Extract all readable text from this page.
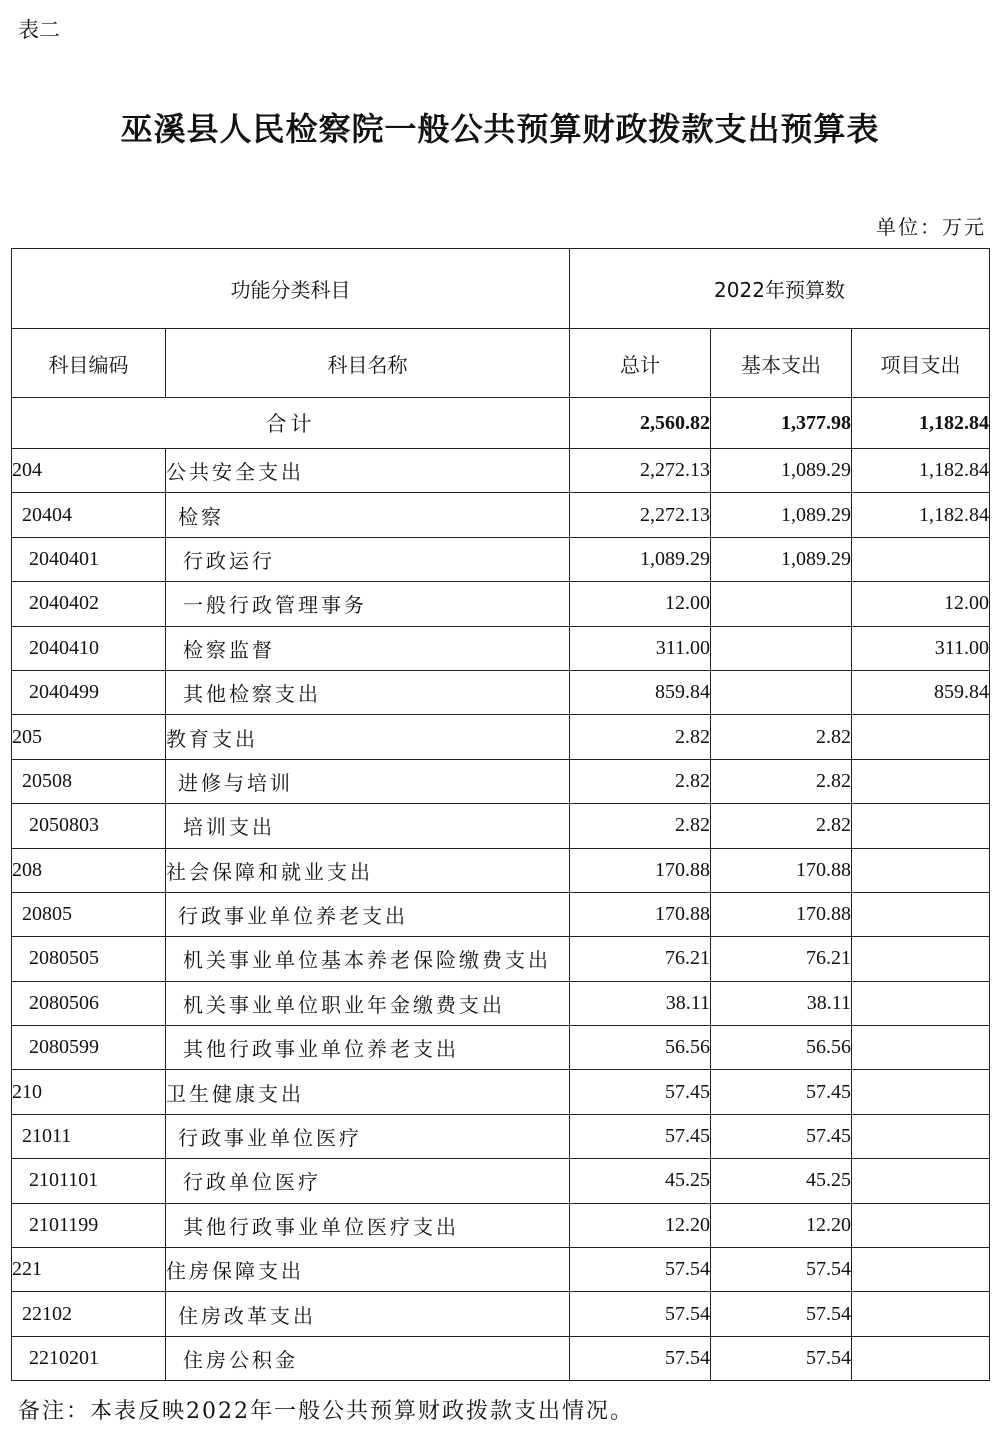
表二
巫溪县人民检察院一般公共预算财政拨款支出预算表
单位：万元
功能分类科目		2022年预算数		
科目编码	科目名称	总计	基本支出	项目支出
合计		2,560.82	1,377.98	1,182.84
204	公共安全支出	2,272.13	1,089.29	1,182.84
20404	检察	2,272.13	1,089.29	1,182.84
2040401	行政运行	1,089.29	1,089.29	
2040402	一般行政管理事务	12.00		12.00
2040410	检察监督	311.00		311.00
2040499	其他检察支出	859.84		859.84
205	教育支出	2.82	2.82	
20508	进修与培训	2.82	2.82	
2050803	培训支出	2.82	2.82	
208	社会保障和就业支出	170.88	170.88	
20805	行政事业单位养老支出	170.88	170.88	
2080505	机关事业单位基本养老保险缴费支出	76.21	76.21	
2080506	机关事业单位职业年金缴费支出	38.11	38.11	
2080599	其他行政事业单位养老支出	56.56	56.56	
210	卫生健康支出	57.45	57.45	
21011	行政事业单位医疗	57.45	57.45	
2101101	行政单位医疗	45.25	45.25	
2101199	其他行政事业单位医疗支出	12.20	12.20	
221	住房保障支出	57.54	57.54	
22102	住房改革支出	57.54	57.54	
2210201	住房公积金	57.54	57.54	
备注：本表反映2022年一般公共预算财政拨款支出情况。
